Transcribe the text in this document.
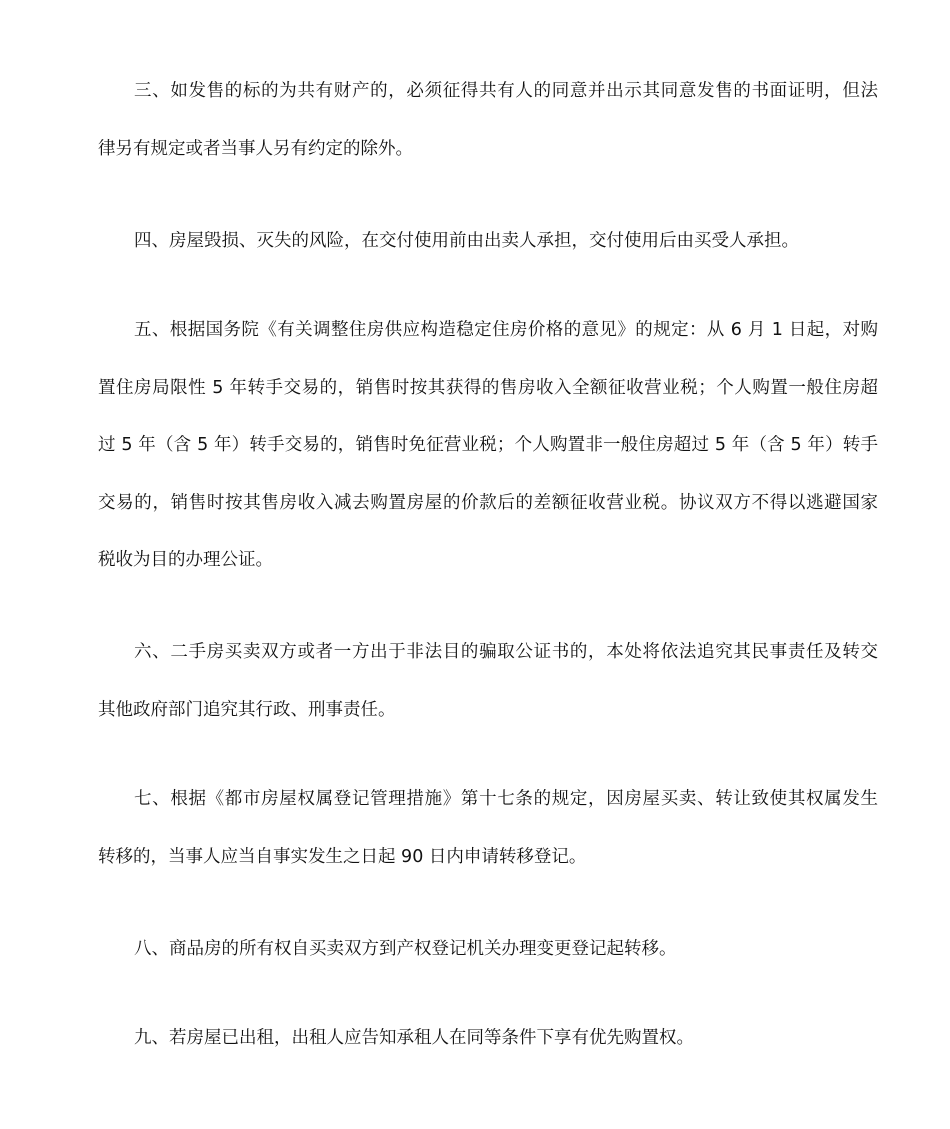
三、如发售的标的为共有财产的，必须征得共有人的同意并出示其同意发售的书面证明，但法
律另有规定或者当事人另有约定的除外。
四、房屋毁损、灭失的风险，在交付使用前由出卖人承担，交付使用后由买受人承担。
五、根据国务院《有关调整住房供应构造稳定住房价格的意见》的规定：从 6 月 1 日起，对购
置住房局限性 5 年转手交易的，销售时按其获得的售房收入全额征收营业税；个人购置一般住房超
过 5 年（含 5 年）转手交易的，销售时免征营业税；个人购置非一般住房超过 5 年（含 5 年）转手
交易的，销售时按其售房收入减去购置房屋的价款后的差额征收营业税。协议双方不得以逃避国家
税收为目的办理公证。
六、二手房买卖双方或者一方出于非法目的骗取公证书的，本处将依法追究其民事责任及转交
其他政府部门追究其行政、刑事责任。
七、根据《都市房屋权属登记管理措施》第十七条的规定，因房屋买卖、转让致使其权属发生
转移的，当事人应当自事实发生之日起 90 日内申请转移登记。
八、商品房的所有权自买卖双方到产权登记机关办理变更登记起转移。
九、若房屋已出租，出租人应告知承租人在同等条件下享有优先购置权。
